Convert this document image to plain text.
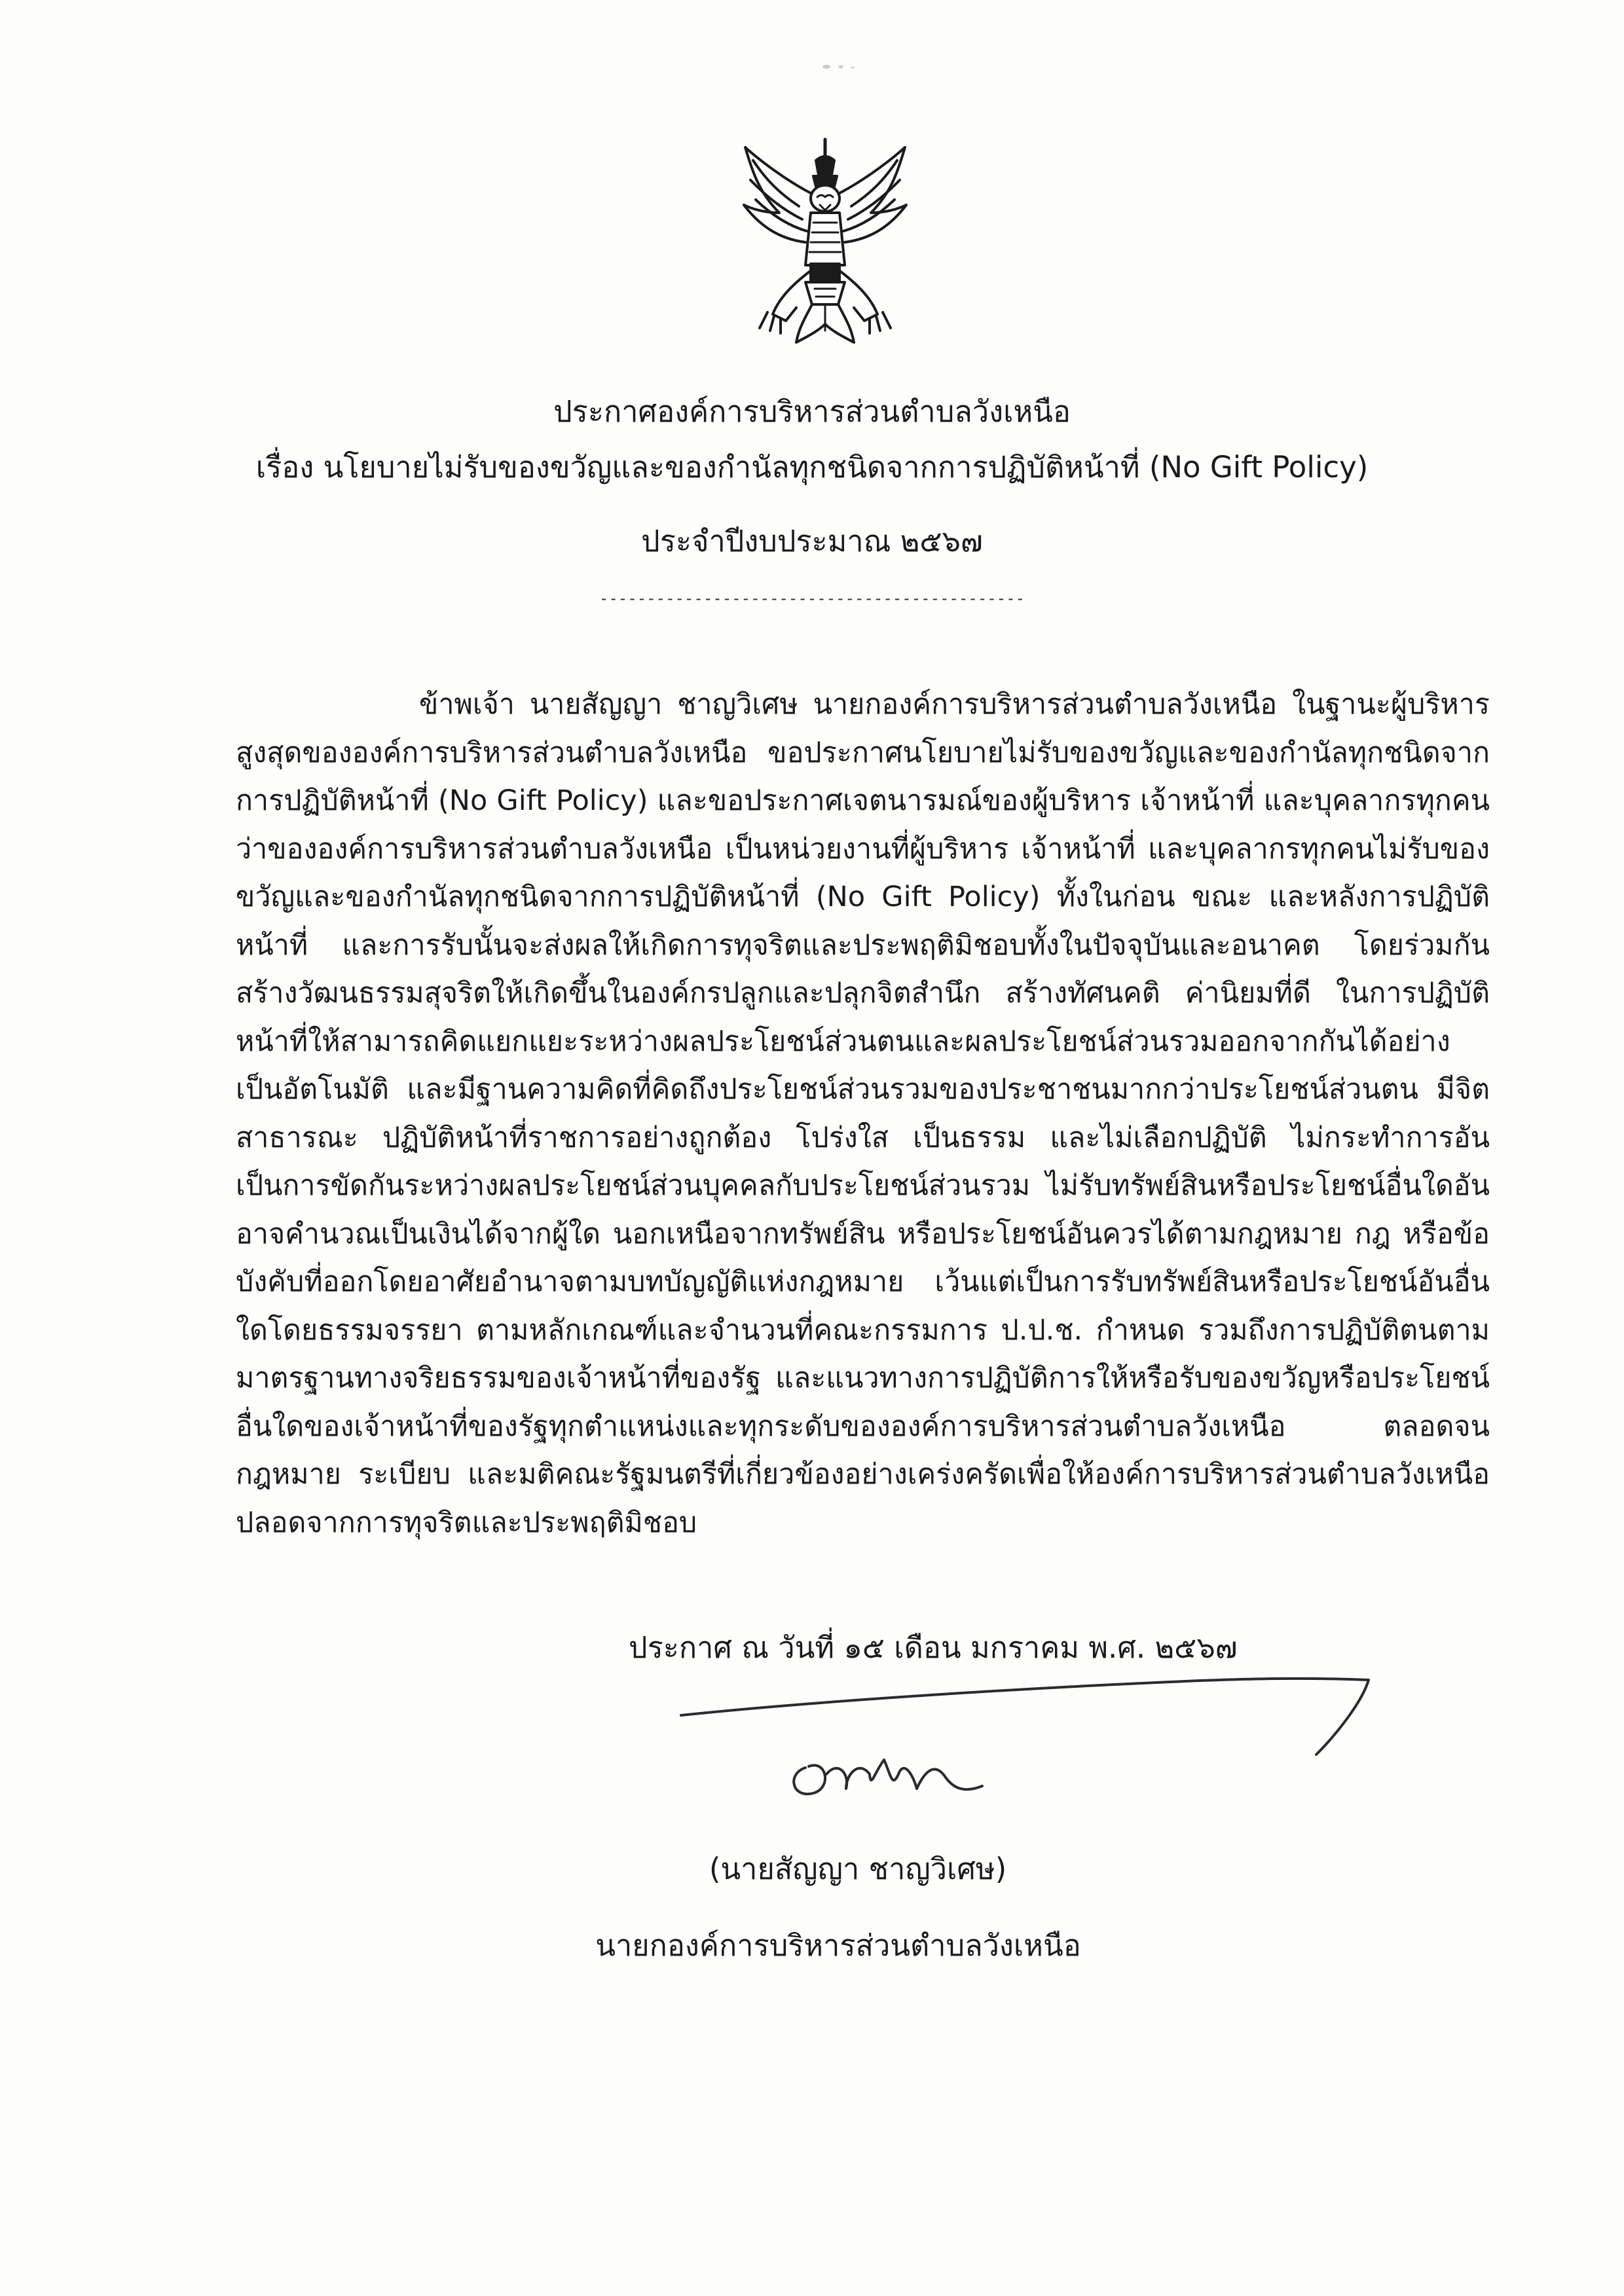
ประกาศองค์การบริหารส่วนตำบลวังเหนือ
เรื่อง นโยบายไม่รับของขวัญและของกำนัลทุกชนิดจากการปฏิบัติหน้าที่ (No Gift Policy)
ประจำปีงบประมาณ ๒๕๖๗
---------------------------------------------

ข้าพเจ้า นายสัญญา ชาญวิเศษ นายกองค์การบริหารส่วนตำบลวังเหนือ ในฐานะผู้บริหารสูงสุดขององค์การบริหารส่วนตำบลวังเหนือ ขอประกาศนโยบายไม่รับของขวัญและของกำนัลทุกชนิดจากการปฏิบัติหน้าที่ (No Gift Policy) และขอประกาศเจตนารมณ์ของผู้บริหาร เจ้าหน้าที่ และบุคลากรทุกคนว่าขององค์การบริหารส่วนตำบลวังเหนือ เป็นหน่วยงานที่ผู้บริหาร เจ้าหน้าที่ และบุคลากรทุกคนไม่รับของขวัญและของกำนัลทุกชนิดจากการปฏิบัติหน้าที่ (No Gift Policy) ทั้งในก่อน ขณะ และหลังการปฏิบัติหน้าที่ และการรับนั้นจะส่งผลให้เกิดการทุจริตและประพฤติมิชอบทั้งในปัจจุบันและอนาคต โดยร่วมกันสร้างวัฒนธรรมสุจริตให้เกิดขึ้นในองค์กรปลูกและปลุกจิตสำนึก สร้างทัศนคติ ค่านิยมที่ดี ในการปฏิบัติหน้าที่ให้สามารถคิดแยกแยะระหว่างผลประโยชน์ส่วนตนและผลประโยชน์ส่วนรวมออกจากกันได้อย่างเป็นอัตโนมัติ และมีฐานความคิดที่คิดถึงประโยชน์ส่วนรวมของประชาชนมากกว่าประโยชน์ส่วนตน มีจิตสาธารณะ ปฏิบัติหน้าที่ราชการอย่างถูกต้อง โปร่งใส เป็นธรรม และไม่เลือกปฏิบัติ ไม่กระทำการอันเป็นการขัดกันระหว่างผลประโยชน์ส่วนบุคคลกับประโยชน์ส่วนรวม ไม่รับทรัพย์สินหรือประโยชน์อื่นใดอันอาจคำนวณเป็นเงินได้จากผู้ใด นอกเหนือจากทรัพย์สิน หรือประโยชน์อันควรได้ตามกฎหมาย กฎ หรือข้อบังคับที่ออกโดยอาศัยอำนาจตามบทบัญญัติแห่งกฎหมาย เว้นแต่เป็นการรับทรัพย์สินหรือประโยชน์อันอื่นใดโดยธรรมจรรยา ตามหลักเกณฑ์และจำนวนที่คณะกรรมการ ป.ป.ช. กำหนด รวมถึงการปฏิบัติตนตามมาตรฐานทางจริยธรรมของเจ้าหน้าที่ของรัฐ และแนวทางการปฏิบัติการให้หรือรับของขวัญหรือประโยชน์อื่นใดของเจ้าหน้าที่ของรัฐทุกตำแหน่งและทุกระดับขององค์การบริหารส่วนตำบลวังเหนือ ตลอดจนกฎหมาย ระเบียบ และมติคณะรัฐมนตรีที่เกี่ยวข้องอย่างเคร่งครัดเพื่อให้องค์การบริหารส่วนตำบลวังเหนือ ปลอดจากการทุจริตและประพฤติมิชอบ

ประกาศ ณ วันที่ ๑๕ เดือน มกราคม พ.ศ. ๒๕๖๗
(นายสัญญา ชาญวิเศษ)
นายกองค์การบริหารส่วนตำบลวังเหนือ
